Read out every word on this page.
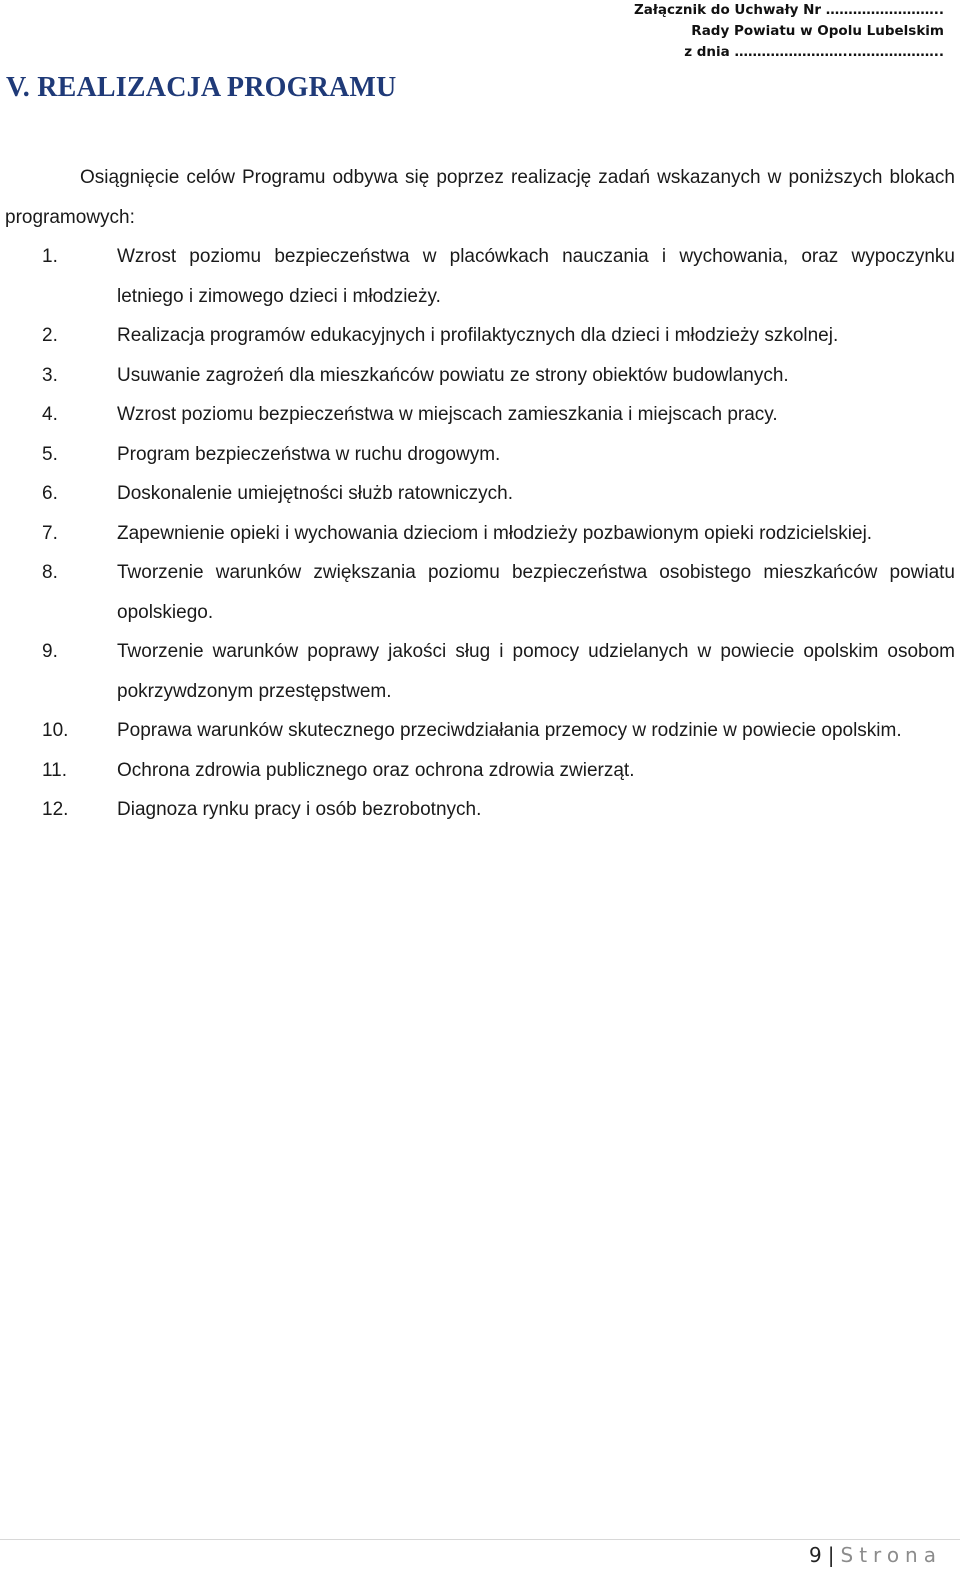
Załącznik do Uchwały Nr ……………………..
Rady Powiatu w Opolu Lubelskim
z dnia ……………………..………………..
V. REALIZACJA PROGRAMU

Osiągnięcie celów Programu odbywa się poprzez realizację zadań wskazanych w poniższych blokach programowych:

1.	Wzrost poziomu bezpieczeństwa w placówkach nauczania i wychowania, oraz wypoczynku letniego i zimowego dzieci i młodzieży.
2.	Realizacja programów edukacyjnych i profilaktycznych dla dzieci i młodzieży szkolnej.
3.	Usuwanie zagrożeń dla mieszkańców powiatu ze strony obiektów budowlanych.
4.	Wzrost poziomu bezpieczeństwa w miejscach zamieszkania i miejscach pracy.
5.	Program bezpieczeństwa w ruchu drogowym.
6.	Doskonalenie umiejętności służb ratowniczych.
7.	Zapewnienie opieki i wychowania dzieciom i młodzieży pozbawionym opieki rodzicielskiej.
8.	Tworzenie warunków zwiększania poziomu bezpieczeństwa osobistego mieszkańców powiatu opolskiego.
9.	Tworzenie warunków poprawy jakości sług i pomocy udzielanych w powiecie opolskim osobom pokrzywdzonym przestępstwem.
10.	Poprawa warunków skutecznego przeciwdziałania przemocy w rodzinie w powiecie opolskim.
11.	Ochrona zdrowia publicznego oraz ochrona zdrowia zwierząt.
12.	Diagnoza rynku pracy i osób bezrobotnych.
9 | Strona
